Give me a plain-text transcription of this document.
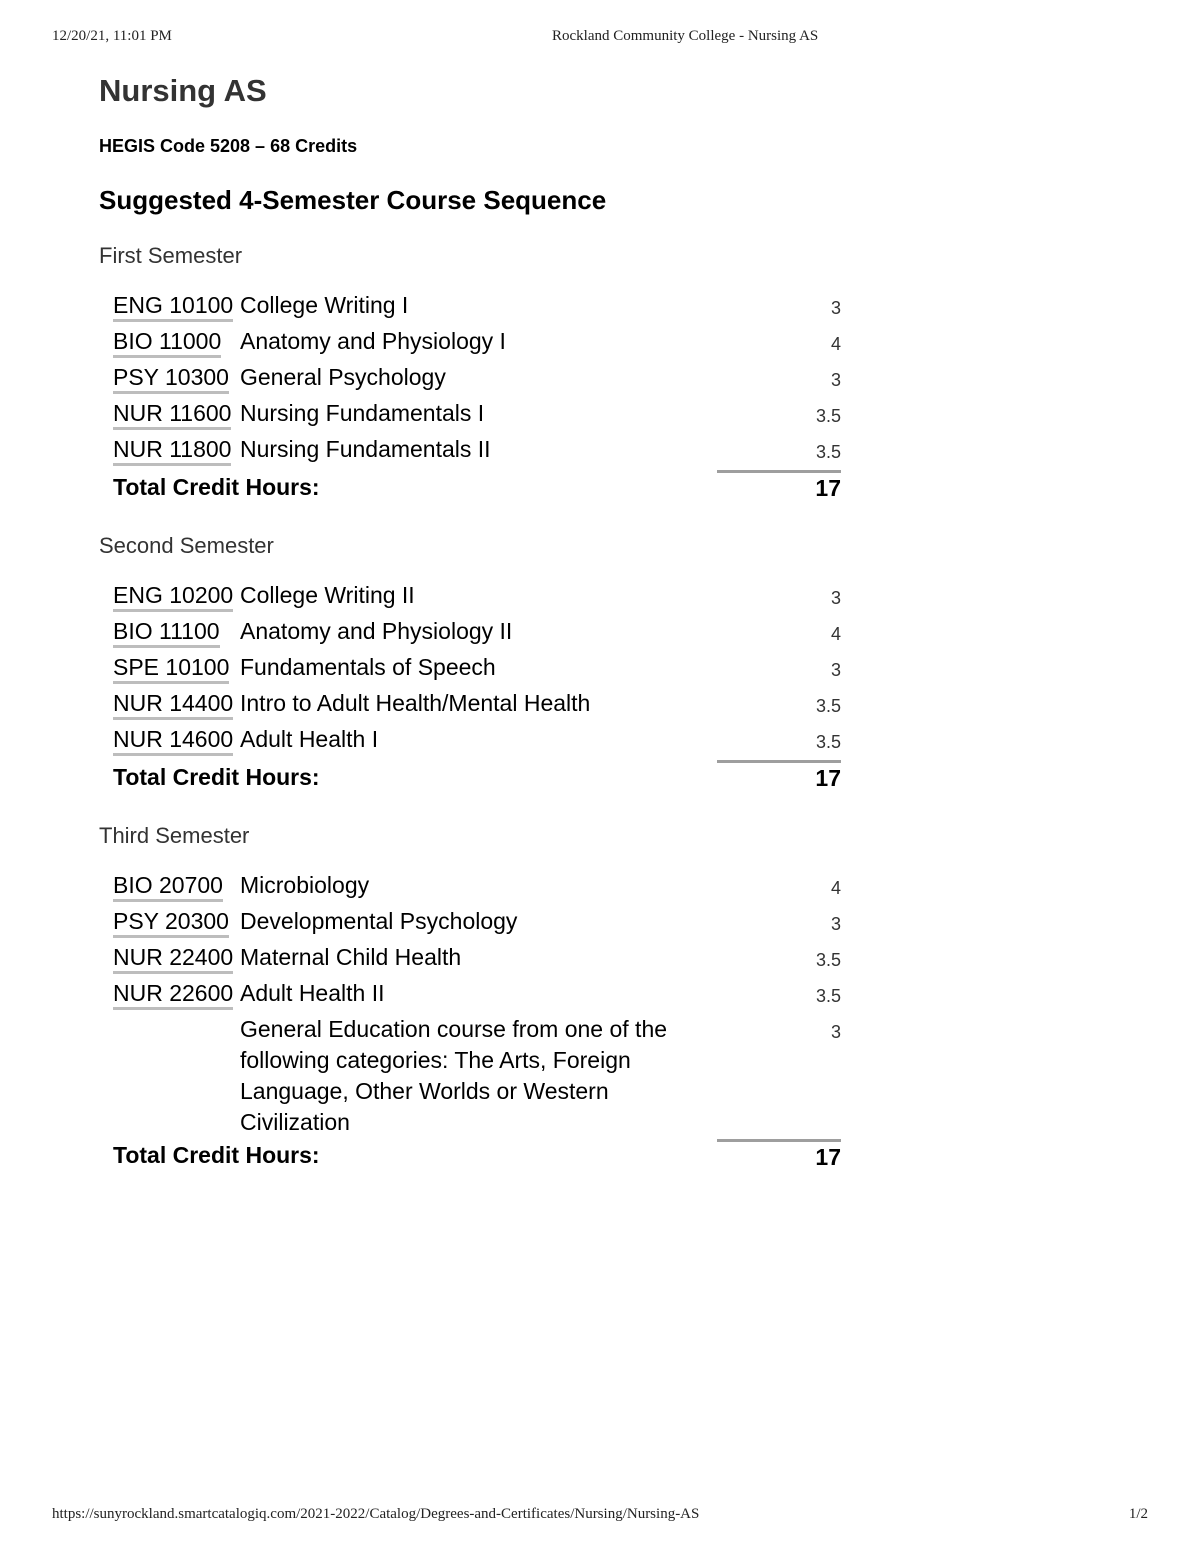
12/20/21, 11:01 PM	Rockland Community College - Nursing AS
Nursing AS
HEGIS Code 5208 – 68 Credits
Suggested 4-Semester Course Sequence
First Semester
ENG 10100	College Writing I	3
BIO 11000	Anatomy and Physiology I	4
PSY 10300	General Psychology	3
NUR 11600	Nursing Fundamentals I	3.5
NUR 11800	Nursing Fundamentals II	3.5
Total Credit Hours:		17
Second Semester
ENG 10200	College Writing II	3
BIO 11100	Anatomy and Physiology II	4
SPE 10100	Fundamentals of Speech	3
NUR 14400	Intro to Adult Health/Mental Health	3.5
NUR 14600	Adult Health I	3.5
Total Credit Hours:		17
Third Semester
BIO 20700	Microbiology	4
PSY 20300	Developmental Psychology	3
NUR 22400	Maternal Child Health	3.5
NUR 22600	Adult Health II	3.5
	General Education course from one of the following categories: The Arts, Foreign Language, Other Worlds or Western Civilization	3
Total Credit Hours:		17
https://sunyrockland.smartcatalogiq.com/2021-2022/Catalog/Degrees-and-Certificates/Nursing/Nursing-AS	1/2
